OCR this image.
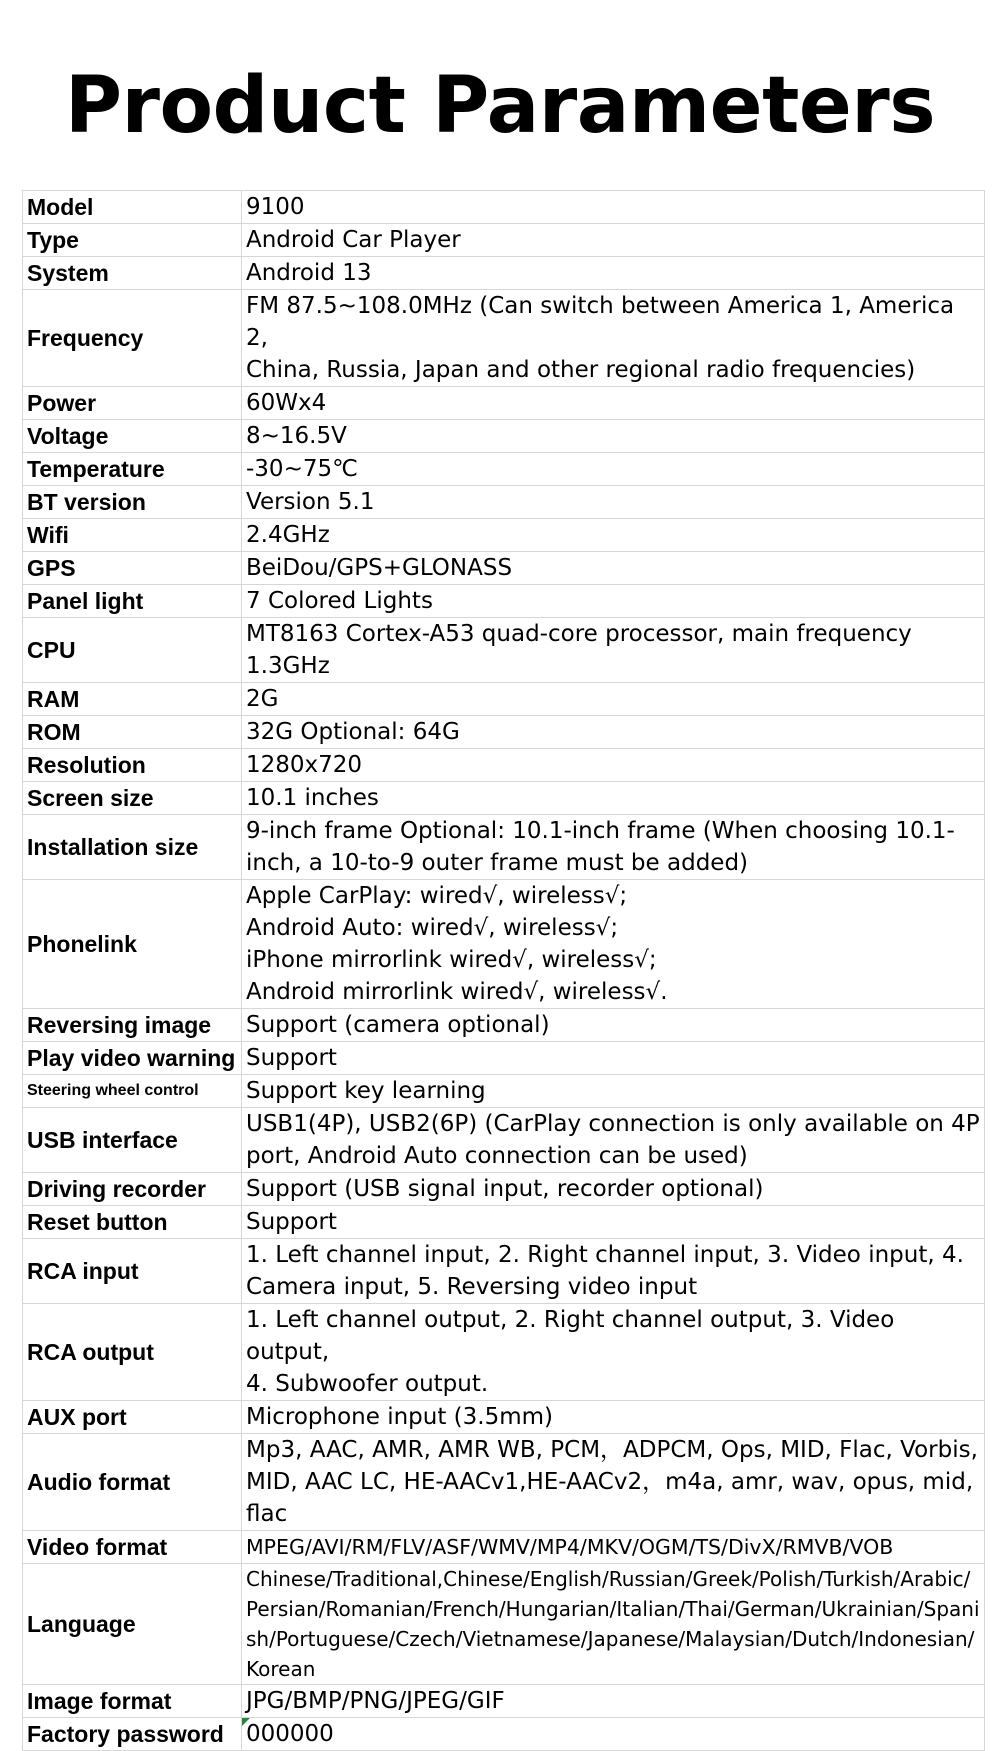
Product Parameters
Model	9100
Type	Android Car Player
System	Android 13
Frequency	FM 87.5~108.0MHz (Can switch between America 1, America 2,
China, Russia, Japan and other regional radio frequencies)

Power	60Wx4
Voltage	8~16.5V
Temperature	-30~75℃
BT version	Version 5.1
Wifi	2.4GHz
GPS	BeiDou/GPS+GLONASS
Panel light	7 Colored Lights
CPU	MT8163 Cortex-A53 quad-core processor, main frequency 1.3GHz
RAM	2G
ROM	32G Optional: 64G
Resolution	1280x720
Screen size	10.1 inches
Installation size	9-inch frame Optional: 10.1-inch frame (When choosing 10.1-
inch, a 10-to-9 outer frame must be added)

Phonelink	Apple CarPlay: wired√, wireless√;
Android Auto: wired√, wireless√;
iPhone mirrorlink wired√, wireless√;
Android mirrorlink wired√, wireless√.

Reversing image	Support (camera optional)
Play video warning	Support
Steering wheel control	Support key learning
USB interface	USB1(4P), USB2(6P) (CarPlay connection is only available on 4P
port, Android Auto connection can be used)

Driving recorder	Support (USB signal input, recorder optional)
Reset button	Support
RCA input	1. Left channel input, 2. Right channel input, 3. Video input, 4.
Camera input, 5. Reversing video input

RCA output	1. Left channel output, 2. Right channel output, 3. Video output,
4. Subwoofer output.

AUX port	Microphone input (3.5mm)
Audio format	Mp3, AAC, AMR, AMR WB, PCM，ADPCM, Ops, MID, Flac, Vorbis,
MID, AAC LC, HE-AACv1,HE-AACv2，m4a, amr, wav, opus, mid,
flac

Video format	MPEG/AVI/RM/FLV/ASF/WMV/MP4/MKV/OGM/TS/DivX/RMVB/VOB
Language	Chinese/Traditional,Chinese/English/Russian/Greek/Polish/Turkish/Arabic/Persian/Romanian/French/Hungarian/Italian/Thai/German/Ukrainian/Spanish/Portuguese/Czech/Vietnamese/Japanese/Malaysian/Dutch/Indonesian/Korean
Image format	JPG/BMP/PNG/JPEG/GIF
Factory password	000000
